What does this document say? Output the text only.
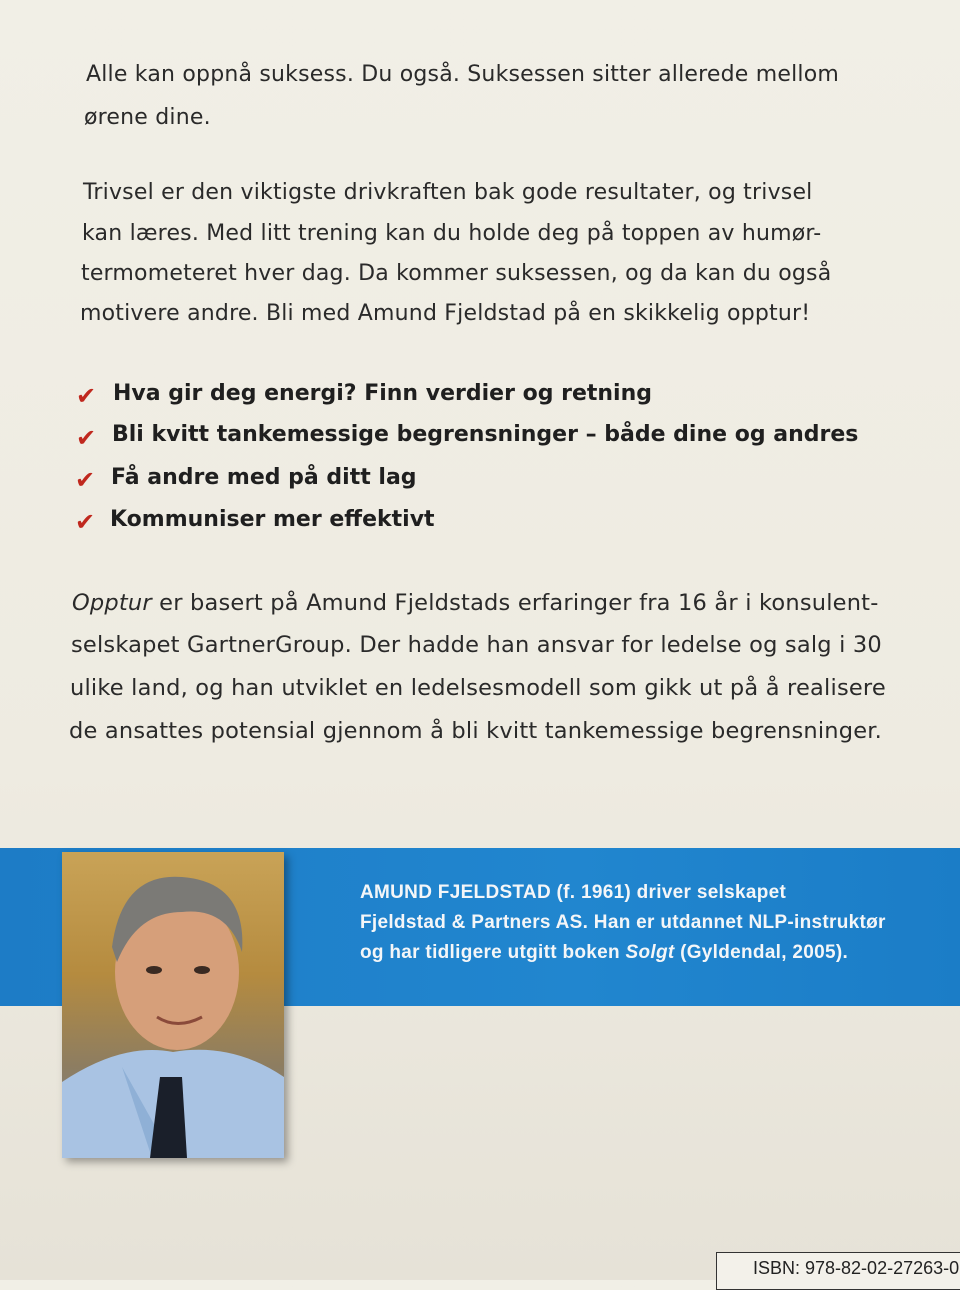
Alle kan oppnå suksess. Du også. Suksessen sitter allerede mellom
ørene dine.
Trivsel er den viktigste drivkraften bak gode resultater, og trivsel
kan læres. Med litt trening kan du holde deg på toppen av humør-
termometeret hver dag. Da kommer suksessen, og da kan du også
motivere andre. Bli med Amund Fjeldstad på en skikkelig opptur!
✔ Hva gir deg energi? Finn verdier og retning
✔ Bli kvitt tankemessige begrensninger – både dine og andres
✔ Få andre med på ditt lag
✔ Kommuniser mer effektivt
Opptur er basert på Amund Fjeldstads erfaringer fra 16 år i konsulent-
selskapet GartnerGroup. Der hadde han ansvar for ledelse og salg i 30
ulike land, og han utviklet en ledelsesmodell som gikk ut på å realisere
de ansattes potensial gjennom å bli kvitt tankemessige begrensninger.
AMUND FJELDSTAD (f. 1961) driver selskapet
Fjeldstad & Partners AS. Han er utdannet NLP-instruktør
og har tidligere utgitt boken Solgt (Gyldendal, 2005).
ISBN: 978-82-02-27263-0
